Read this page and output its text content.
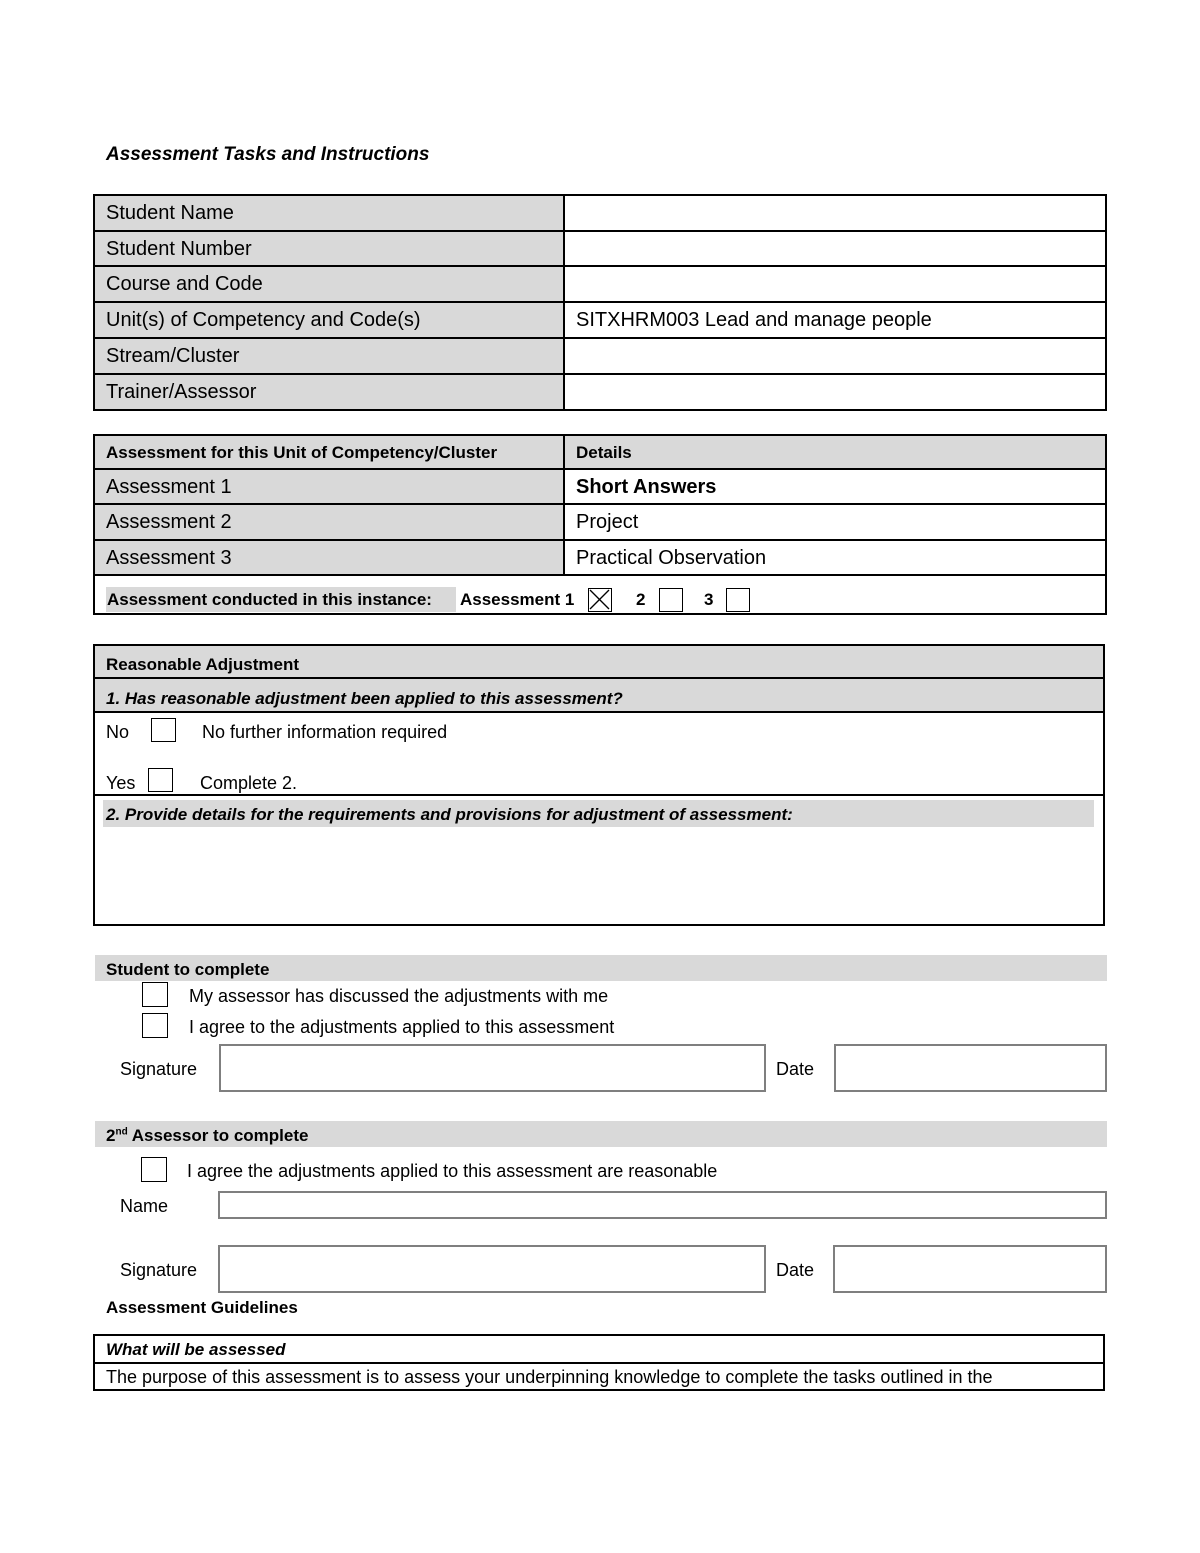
Assessment Tasks and Instructions
Student Name	
Student Number	
Course and Code	
Unit(s) of Competency and Code(s)	SITXHRM003 Lead and manage people
Stream/Cluster	
Trainer/Assessor	
Assessment for this Unit of Competency/Cluster	Details
Assessment 1	Short Answers
Assessment 2	Project
Assessment 3	Practical Observation

Assessment conducted in this instance: Assessment 1	2	3
Reasonable Adjustment
1. Has reasonable adjustment been applied to this assessment?
No	No further information required
Yes	Complete 2.
2. Provide details for the requirements and provisions for adjustment of assessment:
Student to complete
My assessor has discussed the adjustments with me
I agree to the adjustments applied to this assessment
Signature	Date
2nd Assessor to complete
I agree the adjustments applied to this assessment are reasonable
Name
Signature	Date
Assessment Guidelines
What will be assessed
The purpose of this assessment is to assess your underpinning knowledge to complete the tasks outlined in the
